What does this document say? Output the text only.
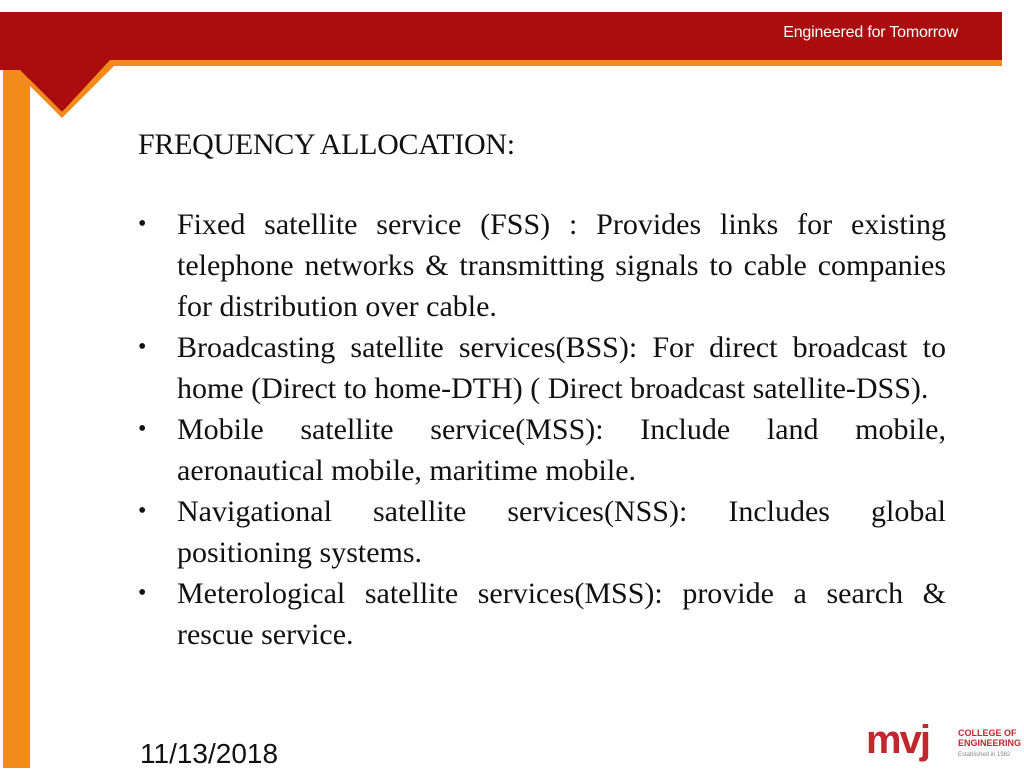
Engineered for Tomorrow
FREQUENCY ALLOCATION:
• Fixed satellite service (FSS) : Provides links for existing telephone networks & transmitting signals to cable companies for distribution over cable.
• Broadcasting satellite services(BSS): For direct broadcast to home (Direct to home-DTH) ( Direct broadcast satellite-DSS).
• Mobile satellite service(MSS): Include land mobile, aeronautical mobile, maritime mobile.
• Navigational satellite services(NSS): Includes global positioning systems.
• Meterological satellite services(MSS): provide a search & rescue service.
11/13/2018	mvj	COLLEGE OF
ENGINEERING
Established in 1982
